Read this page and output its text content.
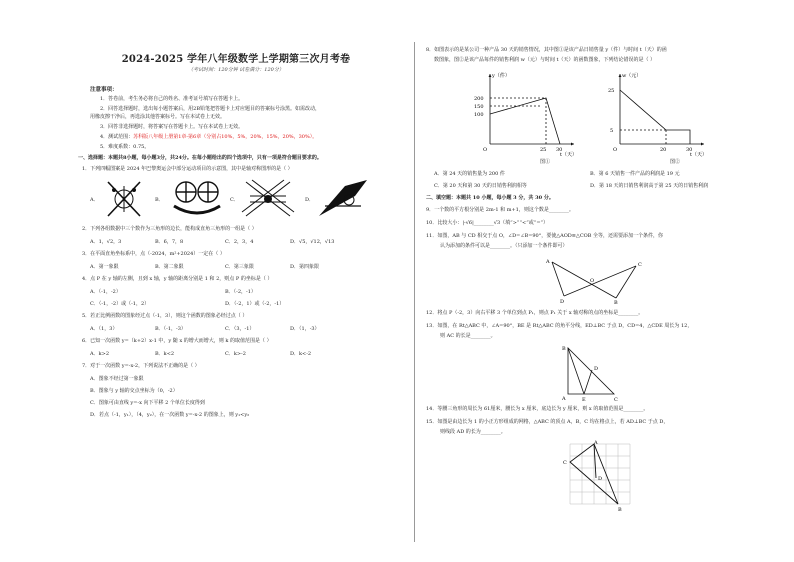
2024-2025 学年八年级数学上学期第三次月考卷
（考试时间：120分钟 试卷满分：120分）
注意事项：
1．答卷前，考生务必将自己的姓名、准考证号填写在答题卡上。
2．回答选择题时，选出每小题答案后，用2B铅笔把答题卡上对应题目的答案标号涂黑。如需改动，
用橡皮擦干净后，再选涂其他答案标号。写在本试卷上无效。
3．回答非选择题时，将答案写在答题卡上。写在本试卷上无效。
4．测试范围：苏科版八年级上册第1章-第6章（分别占10%，5%，20%，15%，20%，30%）。
5．难度系数：0.75。
一、选择题：本题共8小题，每小题3分，共24分。在每小题给出的四个选项中，只有一项是符合题目要求的。
1．下列四幅图案是 2024 年巴黎奥运会中部分运动项目的示意图，其中是轴对称图形的是（ ）
A．	B．	C．	D．
2．下列各组数据中三个数作为三角形的边长，能构成直角三角形的一组是（ ）
A．1，√2，3	B．6，7，8	C．2，3，4	D．√5，√12，√13
3．在平面直角坐标系中，点（-2024，m²+2024）一定在（ ）
A．第一象限	B．第二象限	C．第三象限	D．第四象限
4．点 P 在 y 轴的左侧，且到 x 轴，y 轴的距离分别是 1 和 2，则点 P 的坐标是（ ）
A．（-1，-2）	B．（-2，-1）
C．（-1，-2）或（-1，2）	D．（-2，1）或（-2，-1）
5．若正比例函数的图象经过点（-1，3），则这个函数的图象必经过点（ ）
A．（1，3）	B．（-1，-3）	C．（3，-1）	D．（1，-3）
6．已知一次函数 y=（k+2）x-1 中，y 随 x 的增大而增大，则 k 的取值范围是（ ）
A．k>2	B．k<2	C．k>-2	D．k<-2
7．对于一次函数 y=-x-2，下列说法不正确的是（ ）
A．图象不经过第一象限
B．图象与 y 轴的交点坐标为（0，-2）
C．图象可由直线 y=-x 向下平移 2 个单位长度得到
D．若点（-1，y₁），（4，y₂），在一次函数 y=-x-2 的图象上，则 y₁<y₂
8．如图表示的是某公司一种产品 30 天的销售情况，其中图①是该产品日销售量 y（件）与时间 t（天）的函
数图象，图②是该产品每件的销售利润 w（元）与时间 t（天）的函数图象，下列结论错误的是（ ）
y（件）
200
150
100
25 30
O
t（天）
图①
w（元）
25
5
20	30
O
t（天）
图②
A．第 24 天的销售量为 200 件	B．第 6 天销售一件产品的利润是 19 元
C．第 20 天和第 30 天的日销售利润相等	D．第 18 天的日销售利润高于第 25 天的日销售利润
二、填空题：本题共 10 小题，每小题 3 分，共 30 分。
9．一个数的平方根分别是 2m-1 和 m+1，则这个数是________。
10．比较大小：|-√6|________√3（填“>”“<”或“=”）
11．如图，AB 与 CD 相交于点 O，∠D=∠B=90°，要使△AOD≌△COB 全等，还需要添加一个条件，你
认为添加的条件可以是________。（只添加一个条件即可）
A
B
C
D
O
12．将点 P（-2，3）向右平移 3 个单位到点 P₁，则点 P₁ 关于 x 轴对称的点的坐标是________。
13．如图，在 Rt△ABC 中，∠A=90°，BE 是 Rt△ABC 的角平分线，ED⊥BC 于点 D，CD=4，△CDE 周长为 12，
则 AC 的长是________。
B
D
A	E	C
14．等腰三角形的周长为 61厘米，腰长为 x 厘米，底边长为 y 厘米，则 x 的取值范围是________。
15．如图是由边长为 1 的小正方形组成的网格，△ABC 的顶点 A，B，C 均在格点上，若 AD⊥BC 于点 D，
则线段 AD 的长为________。
A
B
C
D
